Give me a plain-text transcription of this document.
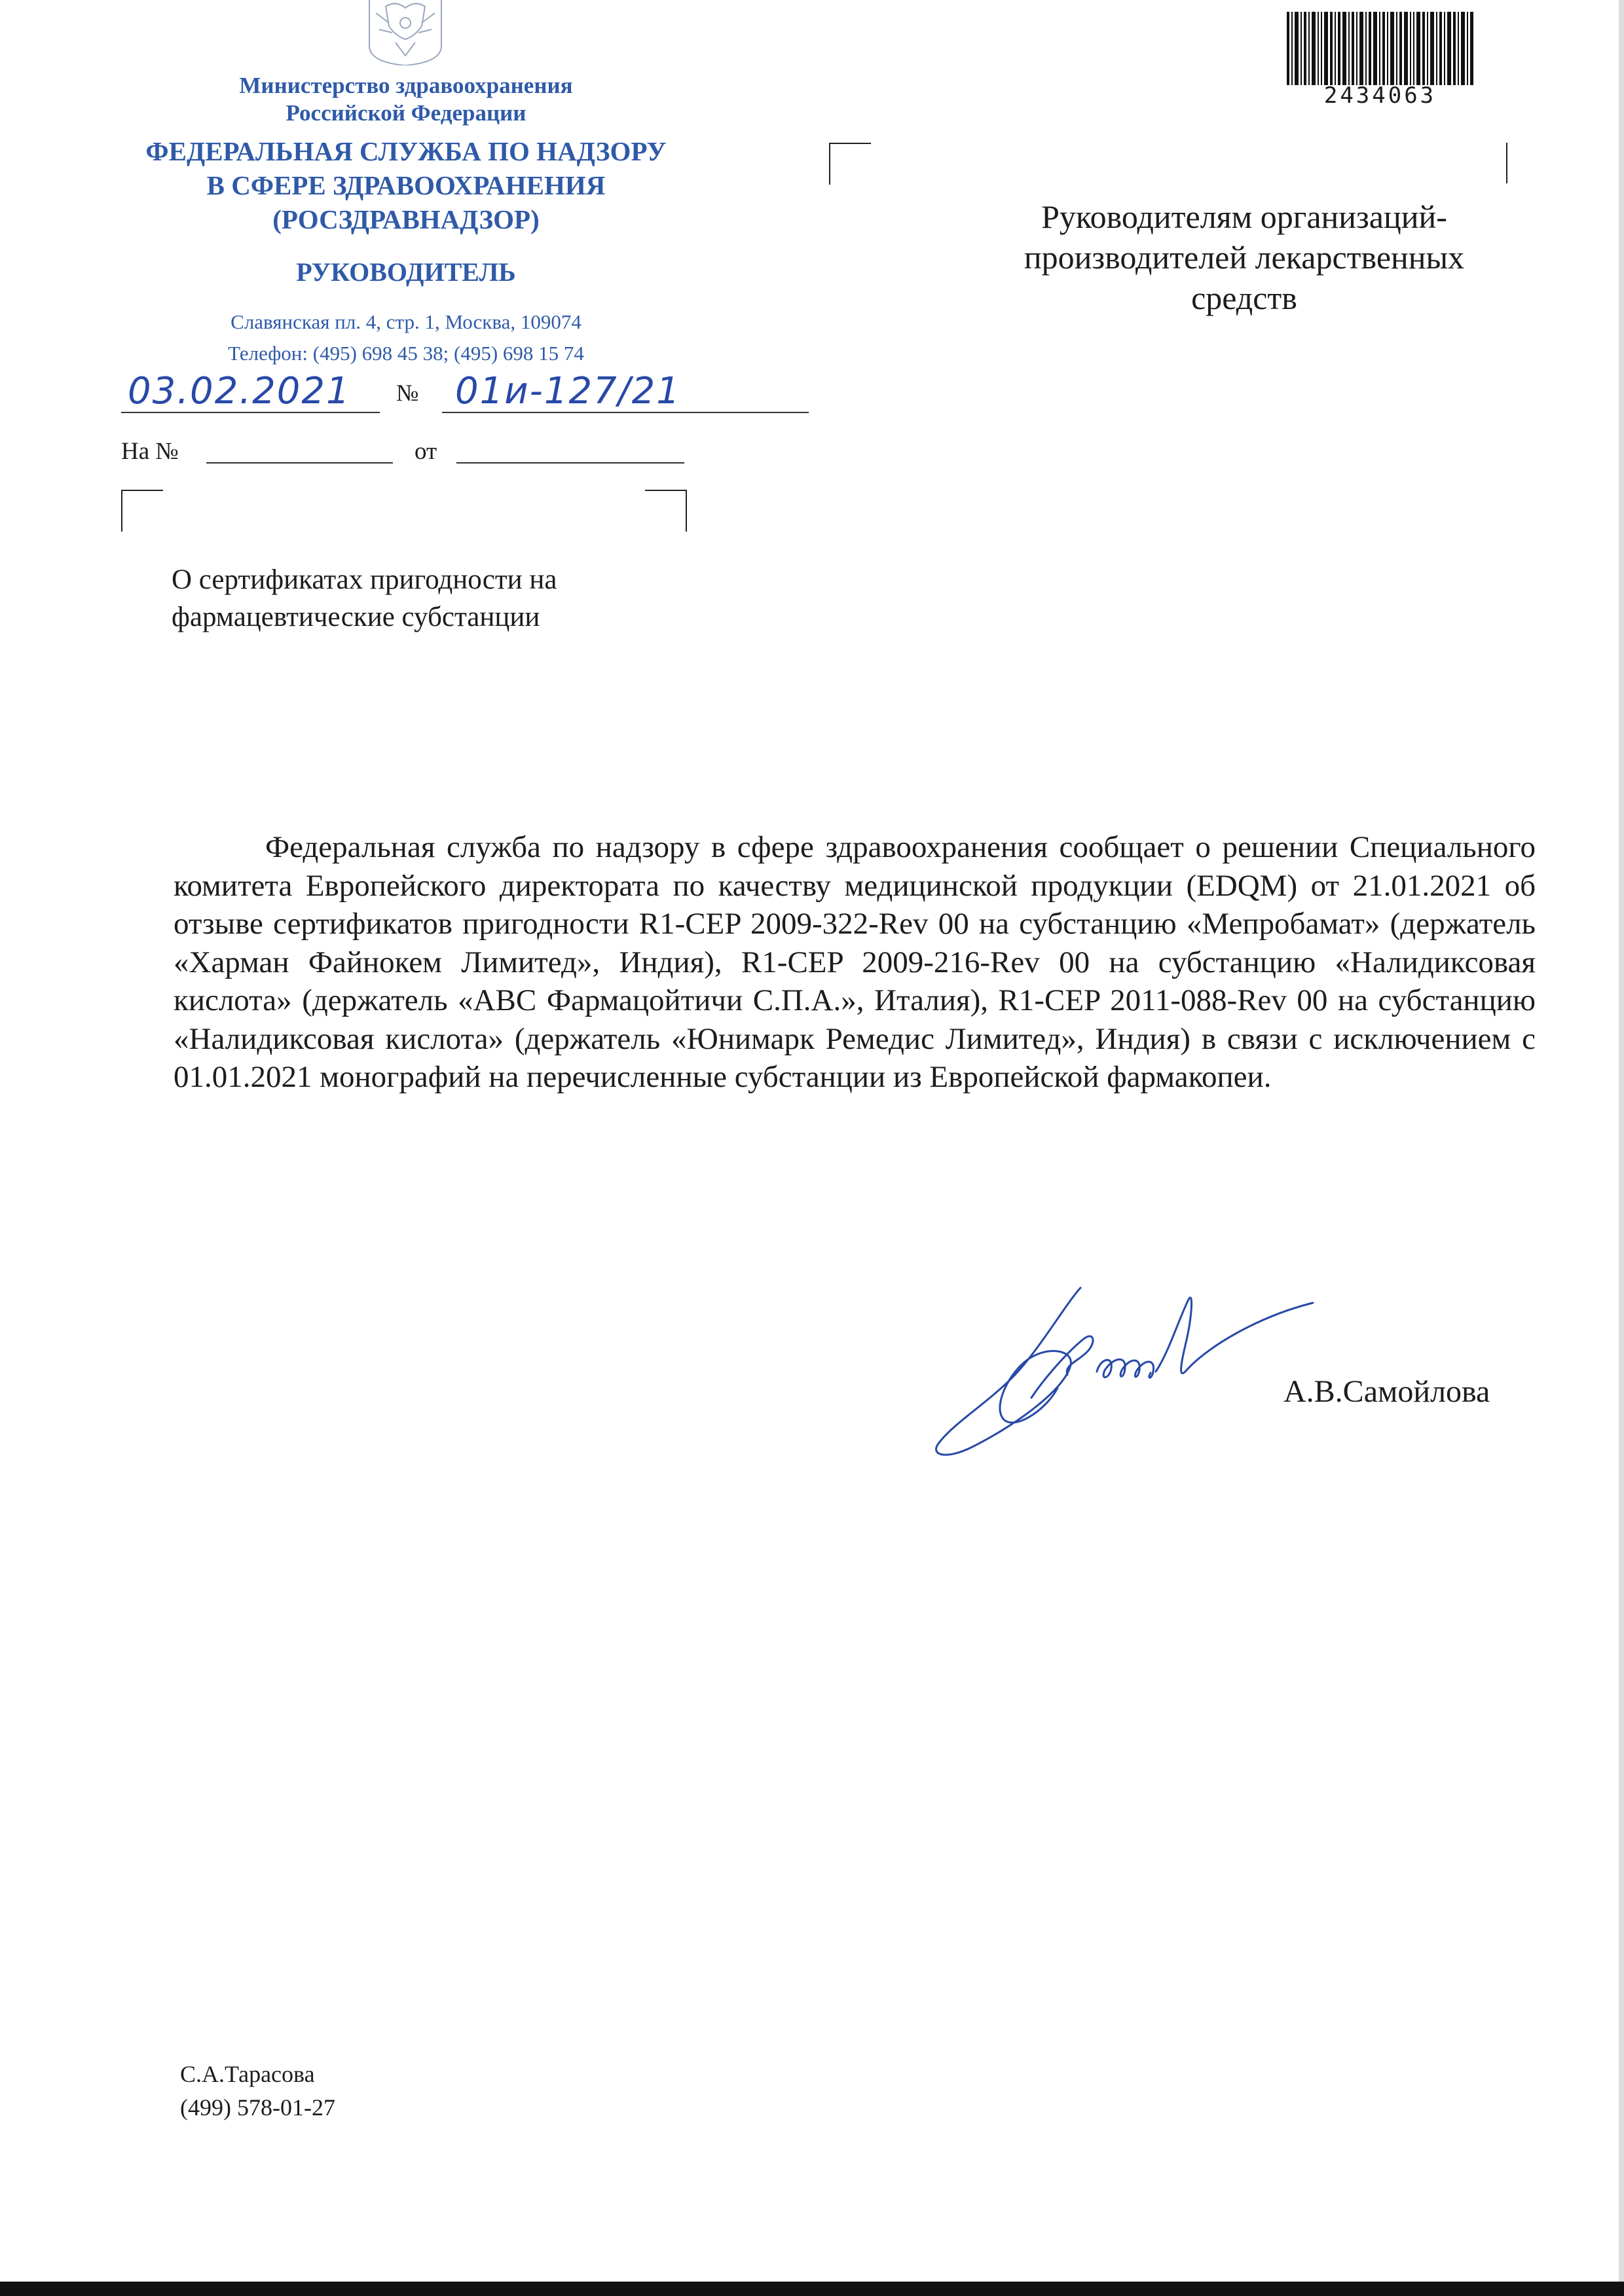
Министерство здравоохранения
Российской Федерации
ФЕДЕРАЛЬНАЯ СЛУЖБА ПО НАДЗОРУ
В СФЕРЕ ЗДРАВООХРАНЕНИЯ
(РОСЗДРАВНАДЗОР)
РУКОВОДИТЕЛЬ
Славянская пл. 4, стр. 1, Москва, 109074
Телефон: (495) 698 45 38; (495) 698 15 74
03.02.2021	№ 01и-127/21
На №	от
2434063
Руководителям организаций-
производителей лекарственных
средств
О сертификатах пригодности на
фармацевтические субстанции

Федеральная служба по надзору в сфере здравоохранения сообщает о решении Специального комитета Европейского директората по качеству медицинской продукции (EDQM) от 21.01.2021 об отзыве сертификатов пригодности R1-CEP 2009-322-Rev 00 на субстанцию «Мепробамат» (держатель «Харман Файнокем Лимитед», Индия), R1-CEP 2009-216-Rev 00 на субстанцию «Налидиксовая кислота» (держатель «АВС Фармацойтичи С.П.А.», Италия), R1-CEP 2011-088-Rev 00 на субстанцию «Налидиксовая кислота» (держатель «Юнимарк Ремедис Лимитед», Индия) в связи с исключением с 01.01.2021 монографий на перечисленные субстанции из Европейской фармакопеи.

А.В.Самойлова
С.А.Тарасова
(499) 578-01-27
